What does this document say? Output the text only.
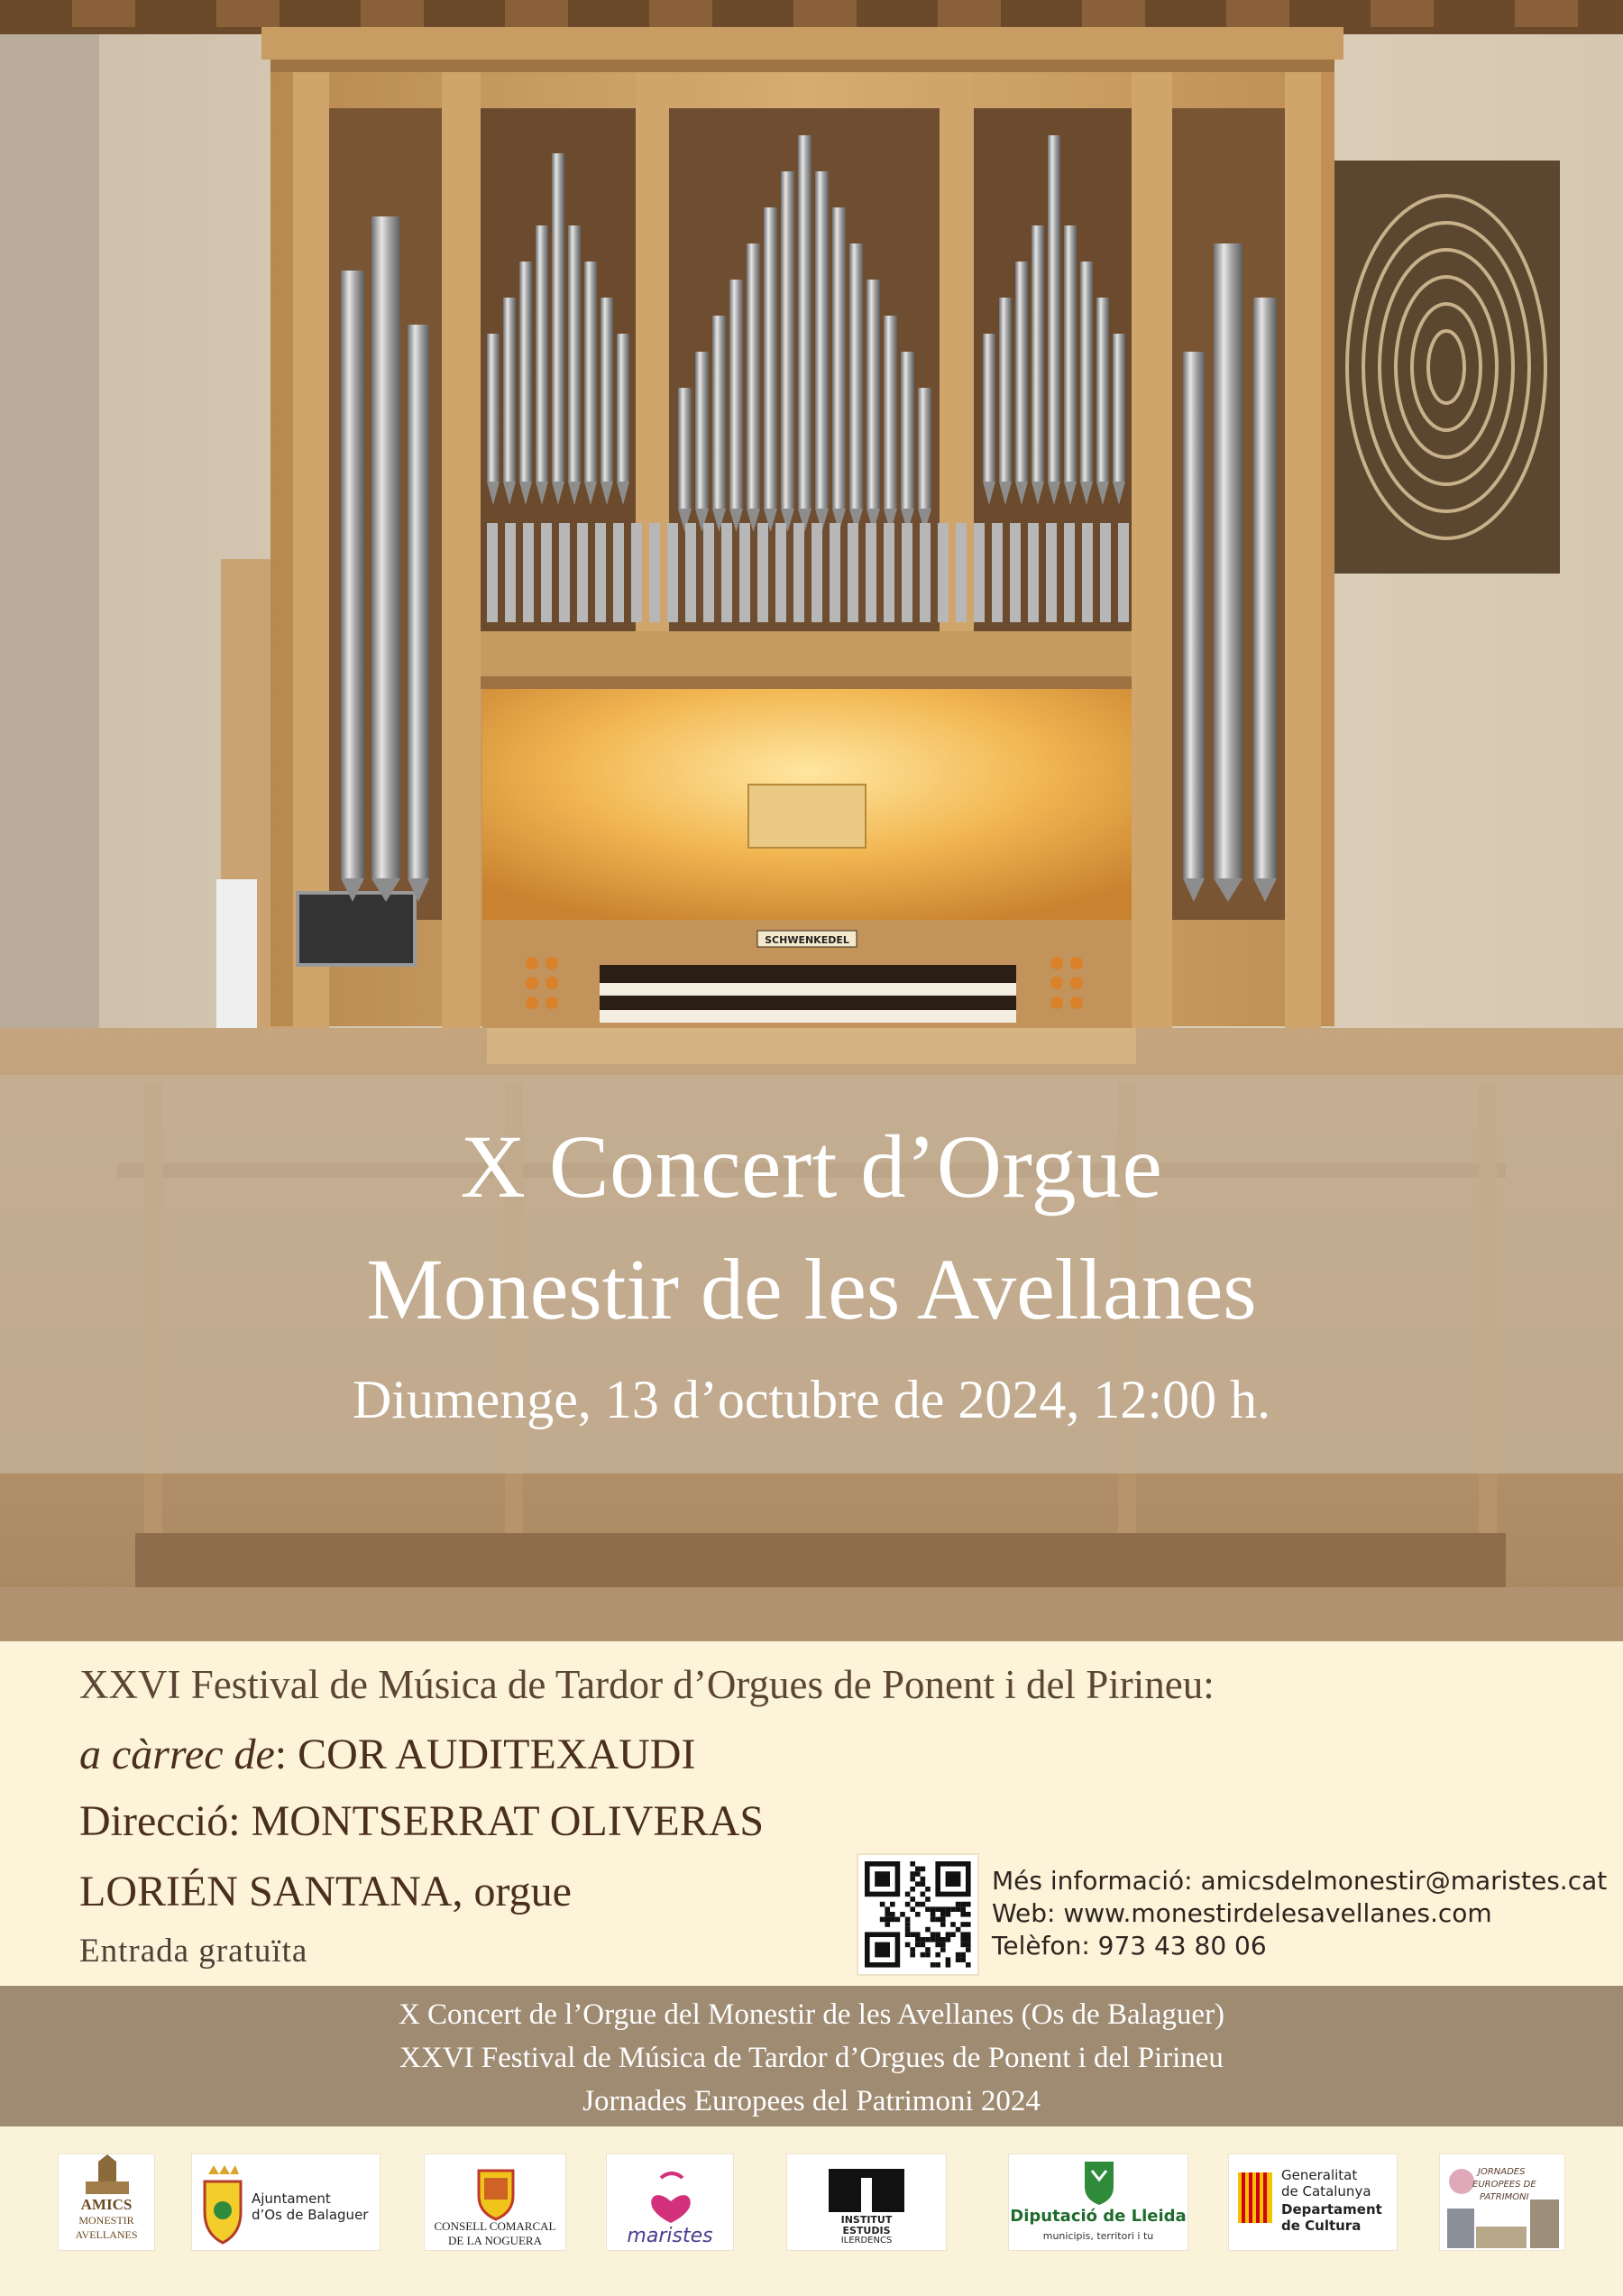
SCHWENKEDEL
X Concert d’Orgue
Monestir de les Avellanes
Diumenge, 13 d’octubre de 2024, 12:00 h.
XXVI Festival de Música de Tardor d’Orgues de Ponent i del Pirineu:
a càrrec de: COR AUDITEXAUDI
Direcció: MONTSERRAT OLIVERAS
LORIÉN SANTANA, orgue
Entrada gratuïta
Més informació: amicsdelmonestir@maristes.cat
Web: www.monestirdelesavellanes.com
Telèfon: 973 43 80 06
X Concert de l’Orgue del Monestir de les Avellanes (Os de Balaguer)
XXVI Festival de Música de Tardor d’Orgues de Ponent i del Pirineu
Jornades Europees del Patrimoni 2024
AMICS
MONESTIR
AVELLANES
Ajuntament
d’Os de Balaguer
CONSELL COMARCAL
DE LA NOGUERA	maristes
INSTITUT
ESTUDIS
ILERDENCS
Diputació de Lleida
municipis, territori i tu
Generalitat
de Catalunya
Departament
de Cultura
JORNADES
EUROPEES DE
PATRIMONI
